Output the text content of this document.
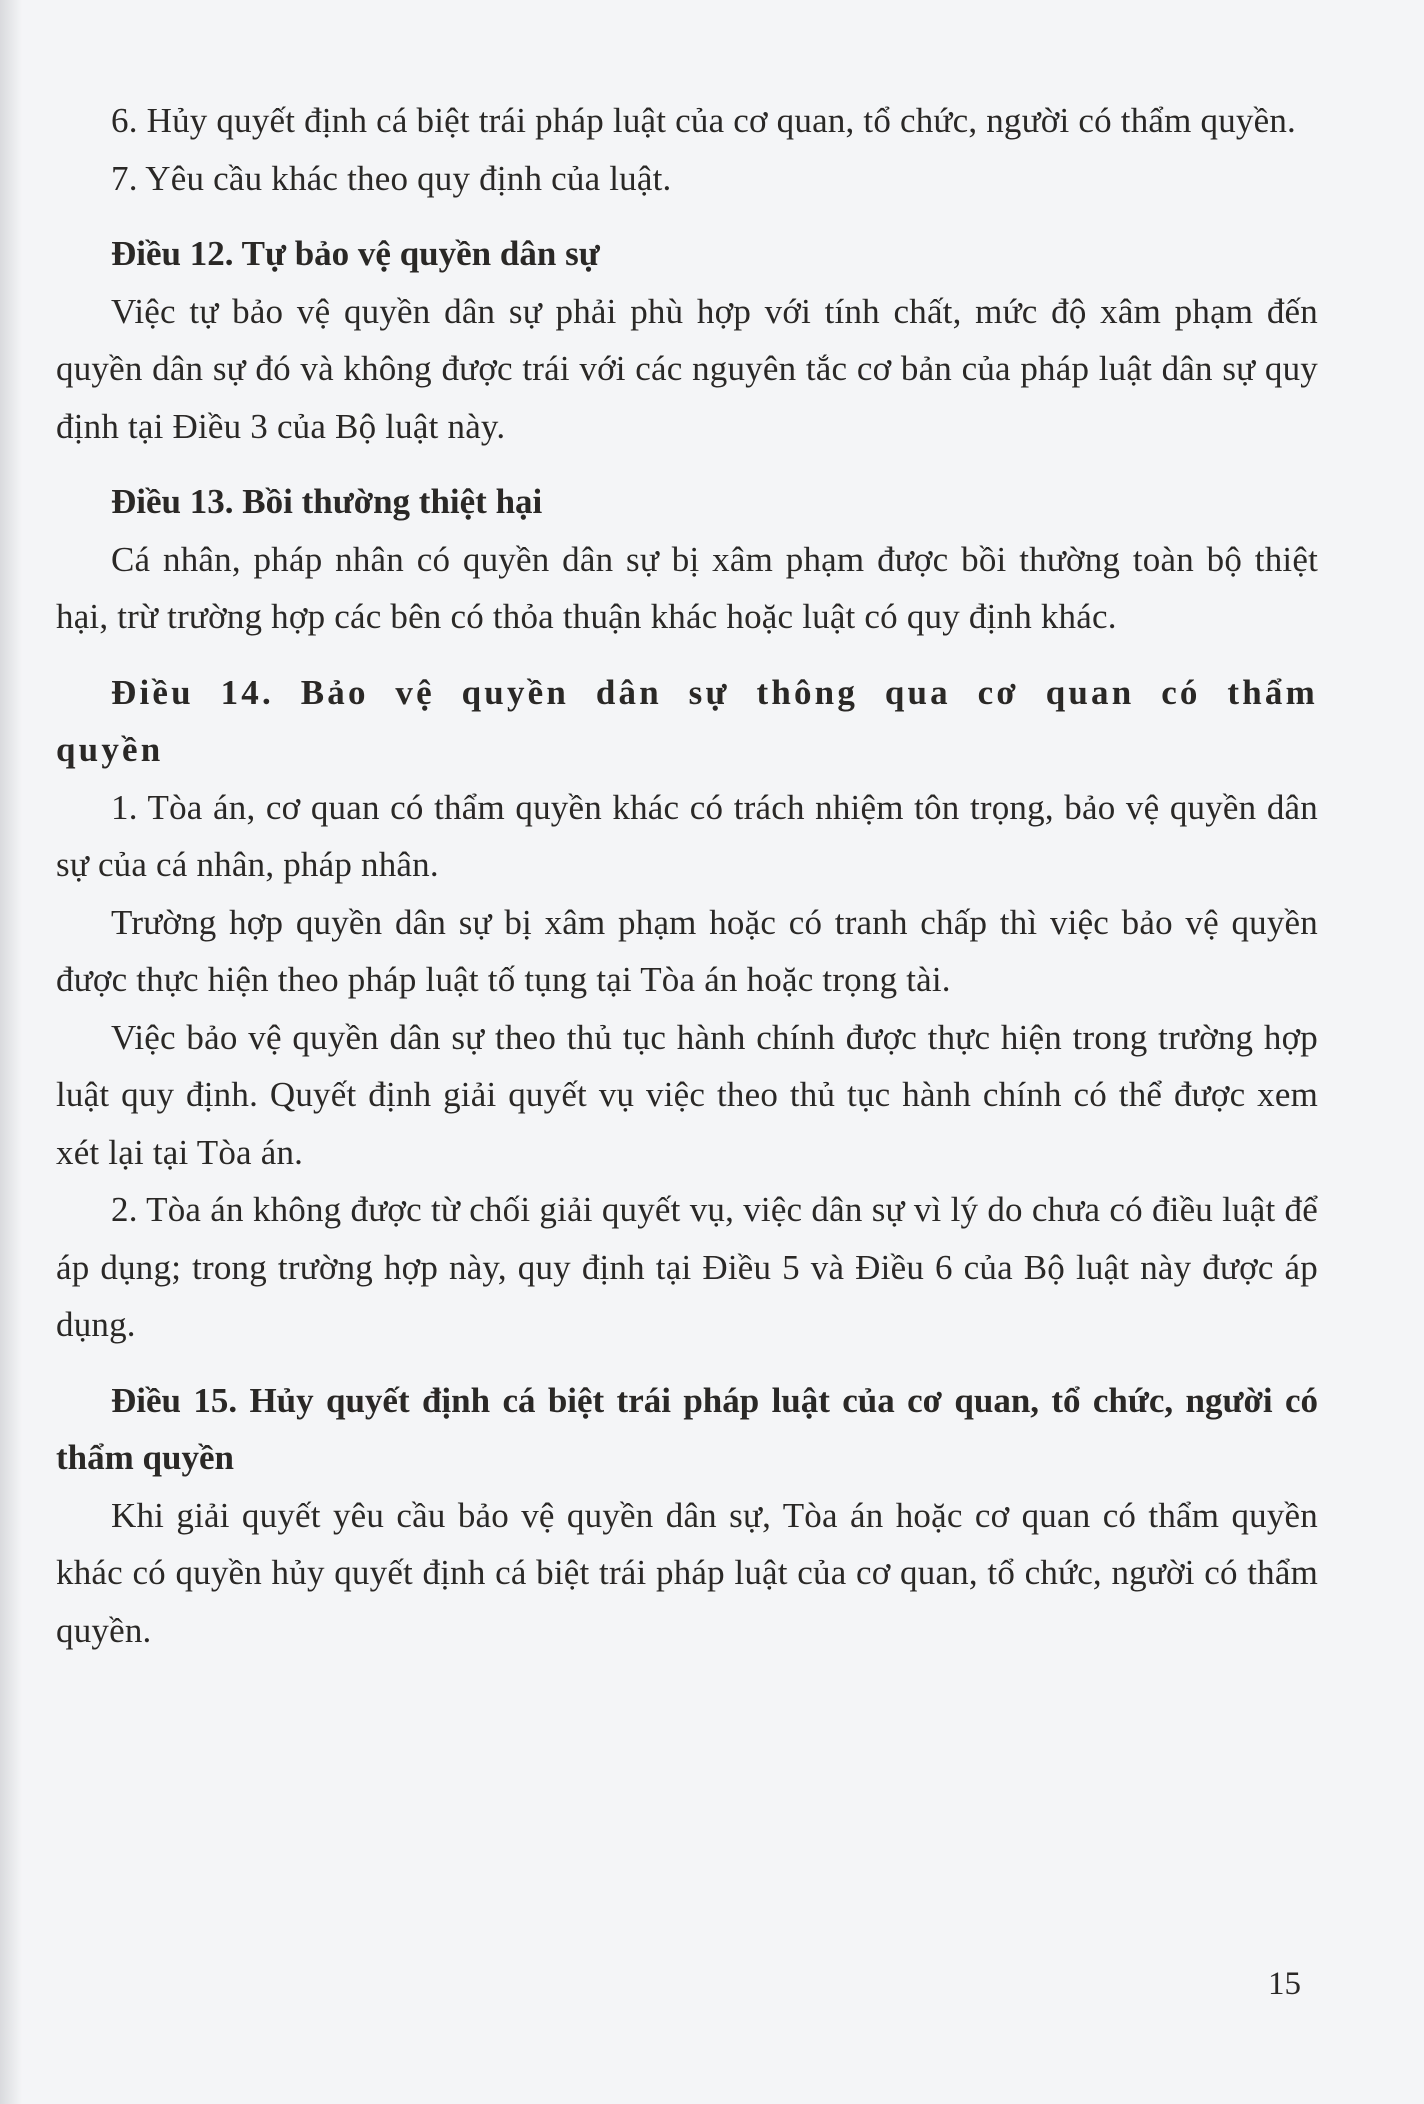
6. Hủy quyết định cá biệt trái pháp luật của cơ quan, tổ chức, người có thẩm quyền.

7. Yêu cầu khác theo quy định của luật.

Điều 12. Tự bảo vệ quyền dân sự

Việc tự bảo vệ quyền dân sự phải phù hợp với tính chất, mức độ xâm phạm đến quyền dân sự đó và không được trái với các nguyên tắc cơ bản của pháp luật dân sự quy định tại Điều 3 của Bộ luật này.

Điều 13. Bồi thường thiệt hại

Cá nhân, pháp nhân có quyền dân sự bị xâm phạm được bồi thường toàn bộ thiệt hại, trừ trường hợp các bên có thỏa thuận khác hoặc luật có quy định khác.

Điều 14. Bảo vệ quyền dân sự thông qua cơ quan có thẩm quyền

1. Tòa án, cơ quan có thẩm quyền khác có trách nhiệm tôn trọng, bảo vệ quyền dân sự của cá nhân, pháp nhân.

Trường hợp quyền dân sự bị xâm phạm hoặc có tranh chấp thì việc bảo vệ quyền được thực hiện theo pháp luật tố tụng tại Tòa án hoặc trọng tài.

Việc bảo vệ quyền dân sự theo thủ tục hành chính được thực hiện trong trường hợp luật quy định. Quyết định giải quyết vụ việc theo thủ tục hành chính có thể được xem xét lại tại Tòa án.

2. Tòa án không được từ chối giải quyết vụ, việc dân sự vì lý do chưa có điều luật để áp dụng; trong trường hợp này, quy định tại Điều 5 và Điều 6 của Bộ luật này được áp dụng.

Điều 15. Hủy quyết định cá biệt trái pháp luật của cơ quan, tổ chức, người có thẩm quyền

Khi giải quyết yêu cầu bảo vệ quyền dân sự, Tòa án hoặc cơ quan có thẩm quyền khác có quyền hủy quyết định cá biệt trái pháp luật của cơ quan, tổ chức, người có thẩm quyền.

15
